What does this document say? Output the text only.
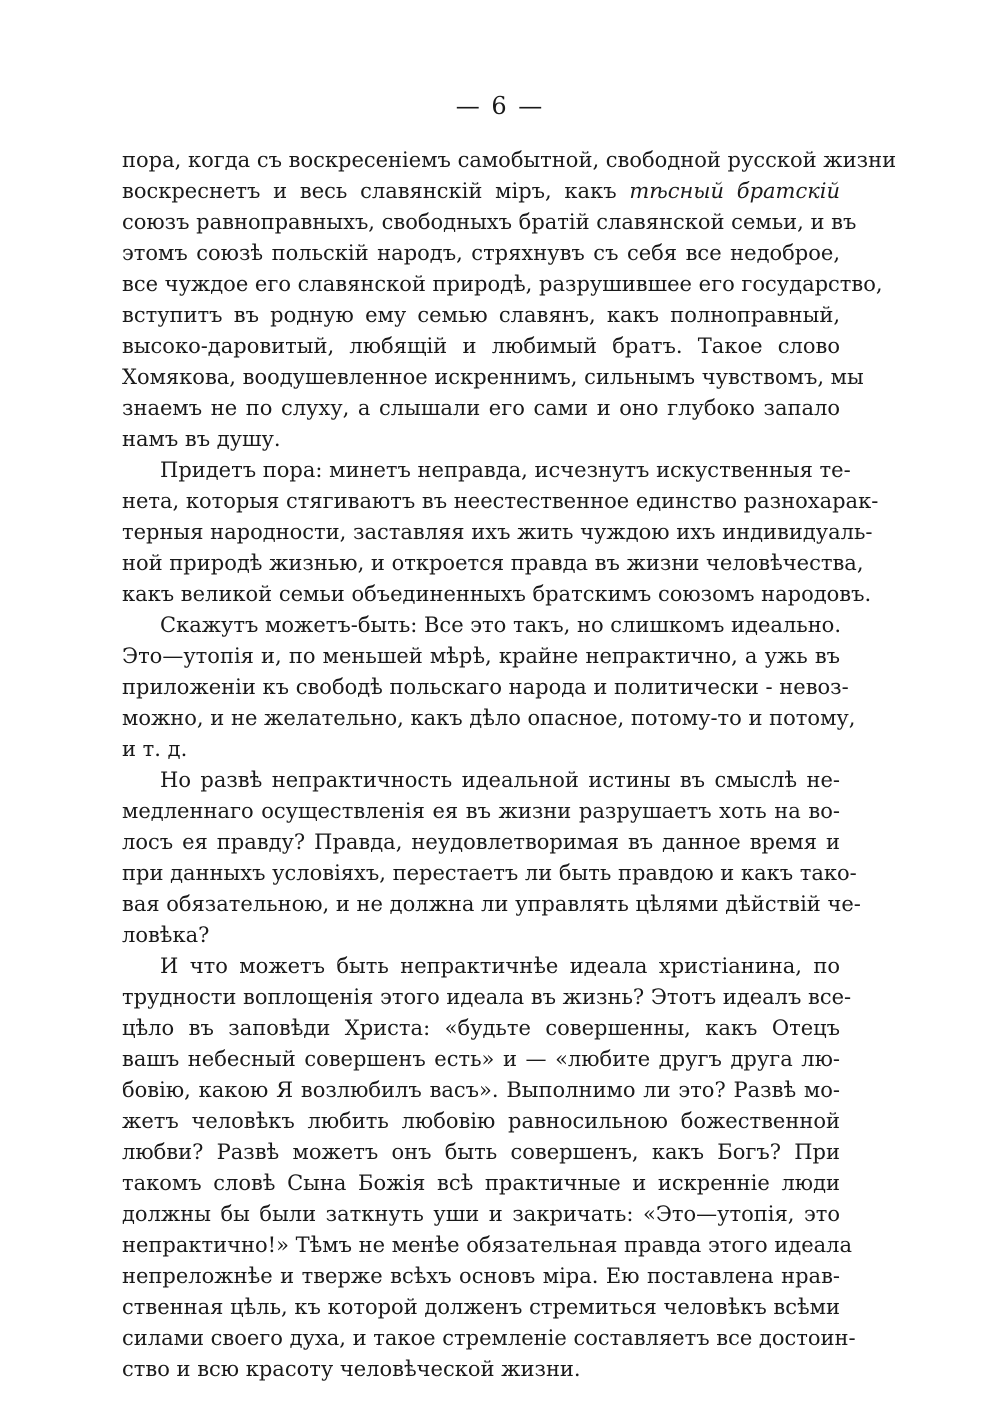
— 6 —
пора, когда съ воскресенiемъ самобытной, свободной русской жизни
воскреснетъ и весь славянскiй мiръ, какъ тѣсный братскiй
союзъ равноправныхъ, свободныхъ братiй славянской семьи, и въ
этомъ союзѣ польскiй народъ, стряхнувъ съ себя все недоброе,
все чуждое его славянской природѣ, разрушившее его государство,
вступитъ въ родную ему семью славянъ, какъ полноправный,
высоко-даровитый, любящiй и любимый братъ. Такое слово
Хомякова, воодушевленное искреннимъ, сильнымъ чувствомъ, мы
знаемъ не по слуху, а слышали его сами и оно глубоко запало
намъ въ душу.
Придетъ пора: минетъ неправда, исчезнутъ искуственныя те-
нета, которыя стягиваютъ въ неестественное единство разнохарак-
терныя народности, заставляя ихъ жить чуждою ихъ индивидуаль-
ной природѣ жизнью, и откроется правда въ жизни человѣчества,
какъ великой семьи объединенныхъ братскимъ союзомъ народовъ.
Скажутъ можетъ-быть: Все это такъ, но слишкомъ идеально.
Это—утопiя и, по меньшей мѣрѣ, крайне непрактично, а ужь въ
приложенiи къ свободѣ польскаго народа и политически - невоз-
можно, и не желательно, какъ дѣло опасное, потому-то и потому,
и т. д.
Но развѣ непрактичность идеальной истины въ смыслѣ не-
медленнаго осуществленiя ея въ жизни разрушаетъ хоть на во-
лосъ ея правду? Правда, неудовлетворимая въ данное время и
при данныхъ условiяхъ, перестаетъ ли быть правдою и какъ тако-
вая обязательною, и не должна ли управлять цѣлями дѣйствiй че-
ловѣка?
И что можетъ быть непрактичнѣе идеала христiанина, по
трудности воплощенiя этого идеала въ жизнь? Этотъ идеалъ все-
цѣло въ заповѣди Христа: «будьте совершенны, какъ Отецъ
вашъ небесный совершенъ есть» и — «любите другъ друга лю-
бовiю, какою Я возлюбилъ васъ». Выполнимо ли это? Развѣ мо-
жетъ человѣкъ любить любовiю равносильною божественной
любви? Развѣ можетъ онъ быть совершенъ, какъ Богъ? При
такомъ словѣ Сына Божiя всѣ практичные и искреннiе люди
должны бы были заткнуть уши и закричать: «Это—утопiя, это
непрактично!» Тѣмъ не менѣе обязательная правда этого идеала
непреложнѣе и тверже всѣхъ основъ мiра. Ею поставлена нрав-
ственная цѣль, къ которой долженъ стремиться человѣкъ всѣми
силами своего духа, и такое стремленiе составляетъ все достоин-
ство и всю красоту человѣческой жизни.
